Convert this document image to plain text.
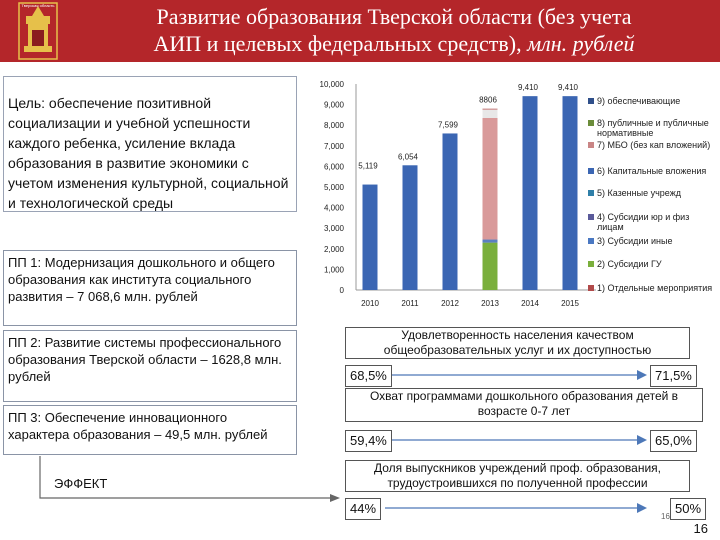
Тверская область	Развитие образования Тверской области (без учета
АИП и целевых федеральных средств), млн. рублей
Цель: обеспечение позитивной социализации и учебной успешности каждого ребенка, усиление вклада образования в развитие экономики с учетом изменения культурной, социальной и технологической среды
ПП 1: Модернизация дошкольного и общего образования как института социального развития – 7 068,6 млн. рублей
ПП 2: Развитие системы профессионального образования Тверской области – 1628,8 млн. рублей
ПП 3: Обеспечение инновационного характера образования – 49,5 млн. рублей
ЭФФЕКТ
0
1,000
2,000
3,000
4,000
5,000
6,000
7,000
8,000
9,000
10,000
5,119
2010
6,054
2011
7,599
2012
8806
2013
9,410
2014
9,410
2015
9) обеспечивающие
8) публичные и публичные нормативные
7) МБО (без кап вложений)
6) Капитальные вложения
5) Казенные учрежд
4) Субсидии юр и физ лицам
3) Субсидии иные
2) Субсидии ГУ
1) Отдельные мероприятия
Удовлетворенность населения качеством общеобразовательных услуг и их доступностью
68,5%	71,5%
Охват программами дошкольного образования детей в возрасте 0-7 лет
59,4%	65,0%
Доля выпускников учреждений проф. образования, трудоустроившихся по полученной профессии
44%	50%
16
16
